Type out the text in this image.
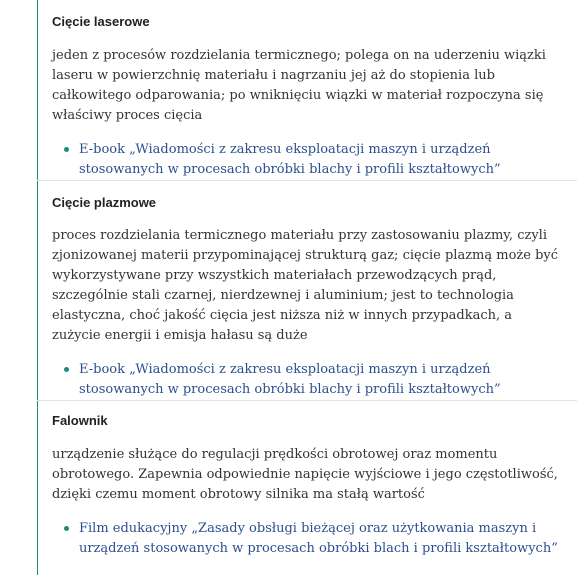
Cięcie laserowe

jeden z procesów rozdzielania termicznego; polega on na uderzeniu wiązki laseru w powierzchnię materiału i nagrzaniu jej aż do stopienia lub całkowitego odparowania; po wniknięciu wiązki w materiał rozpoczyna się właściwy proces cięcia

E-book „Wiadomości z zakresu eksploatacji maszyn i urządzeń stosowanych w procesach obróbki blachy i profili kształtowych”

Cięcie plazmowe

proces rozdzielania termicznego materiału przy zastosowaniu plazmy, czyli zjonizowanej materii przypominającej strukturą gaz; cięcie plazmą może być wykorzystywane przy wszystkich materiałach przewodzących prąd, szczególnie stali czarnej, nierdzewnej i aluminium; jest to technologia elastyczna, choć jakość cięcia jest niższa niż w innych przypadkach, a zużycie energii i emisja hałasu są duże

E-book „Wiadomości z zakresu eksploatacji maszyn i urządzeń stosowanych w procesach obróbki blachy i profili kształtowych”

Falownik

urządzenie służące do regulacji prędkości obrotowej oraz momentu obrotowego. Zapewnia odpowiednie napięcie wyjściowe i jego częstotliwość, dzięki czemu moment obrotowy silnika ma stałą wartość

Film edukacyjny „Zasady obsługi bieżącej oraz użytkowania maszyn i urządzeń stosowanych w procesach obróbki blach i profili kształtowych”
